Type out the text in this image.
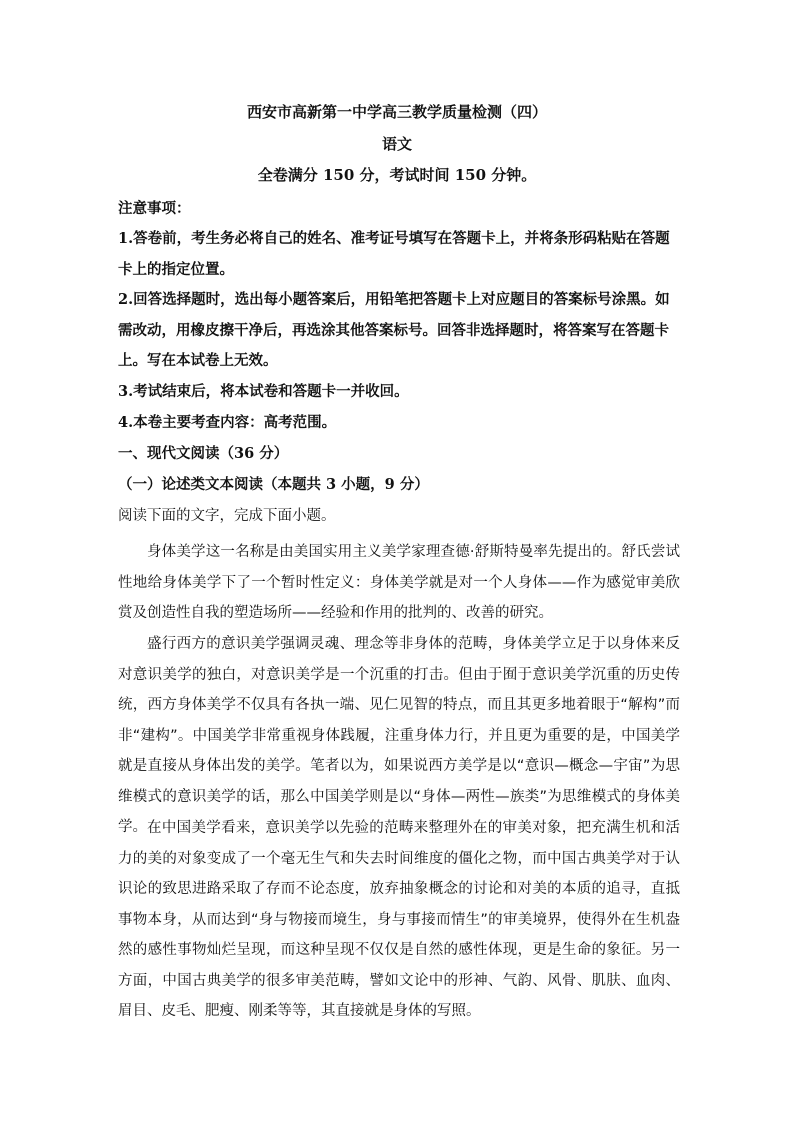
西安市高新第一中学高三教学质量检测（四）

语文

全卷满分 150 分，考试时间 150 分钟。

注意事项：

1.答卷前，考生务必将自己的姓名、准考证号填写在答题卡上，并将条形码粘贴在答题卡上的指定位置。

2.回答选择题时，选出每小题答案后，用铅笔把答题卡上对应题目的答案标号涂黑。如需改动，用橡皮擦干净后，再选涂其他答案标号。回答非选择题时，将答案写在答题卡上。写在本试卷上无效。

3.考试结束后，将本试卷和答题卡一并收回。

4.本卷主要考查内容：高考范围。

一、现代文阅读（36 分）

（一）论述类文本阅读（本题共 3 小题，9 分）

阅读下面的文字，完成下面小题。

身体美学这一名称是由美国实用主义美学家理查德·舒斯特曼率先提出的。舒氏尝试性地给身体美学下了一个暂时性定义：身体美学就是对一个人身体——作为感觉审美欣赏及创造性自我的塑造场所——经验和作用的批判的、改善的研究。

盛行西方的意识美学强调灵魂、理念等非身体的范畴，身体美学立足于以身体来反对意识美学的独白，对意识美学是一个沉重的打击。但由于囿于意识美学沉重的历史传统，西方身体美学不仅具有各执一端、见仁见智的特点，而且其更多地着眼于“解构”而非“建构”。中国美学非常重视身体践履，注重身体力行，并且更为重要的是，中国美学就是直接从身体出发的美学。笔者以为，如果说西方美学是以“意识—概念—宇宙”为思维模式的意识美学的话，那么中国美学则是以“身体—两性—族类”为思维模式的身体美学。 在中国美学看来，意识美学以先验的范畴来整理外在的审美对象，把充满生机和活力的美的对象变成了一个毫无生气和失去时间维度的僵化之物，而中国古典美学对于认识论的致思进路采取了存而不论态度，放弃抽象概念的讨论和对美的本质的追寻，直抵事物本身，从而达到“身与物接而境生，身与事接而情生”的审美境界，使得外在生机盎然的感性事物灿烂呈现，而这种呈现不仅仅是自然的感性体现，更是生命的象征。另一方面，中国古典美学的很多审美范畴，譬如文论中的形神、气韵、风骨、肌肤、血肉、眉目、皮毛、肥瘦、刚柔等等，其直接就是身体的写照。
